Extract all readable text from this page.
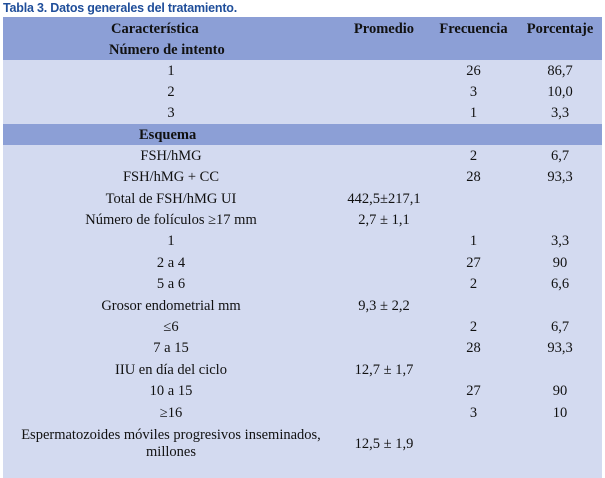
Tabla 3. Datos generales del tratamiento.
Característica	Promedio	Frecuencia	Porcentaje
Número de intento			
1		26	86,7
2		3	10,0
3		1	3,3
Esquema			
FSH/hMG		2	6,7
FSH/hMG + CC		28	93,3
Total de FSH/hMG UI	442,5±217,1		
Número de folículos ≥17 mm	2,7 ± 1,1		
1		1	3,3
2 a 4		27	90
5 a 6		2	6,6
Grosor endometrial mm	9,3 ± 2,2		
≤6		2	6,7
7 a 15		28	93,3
IIU en día del ciclo	12,7 ± 1,7		
10 a 15		27	90
≥16		3	10
Espermatozoides móviles progresivos inseminados, millones	12,5 ± 1,9		
